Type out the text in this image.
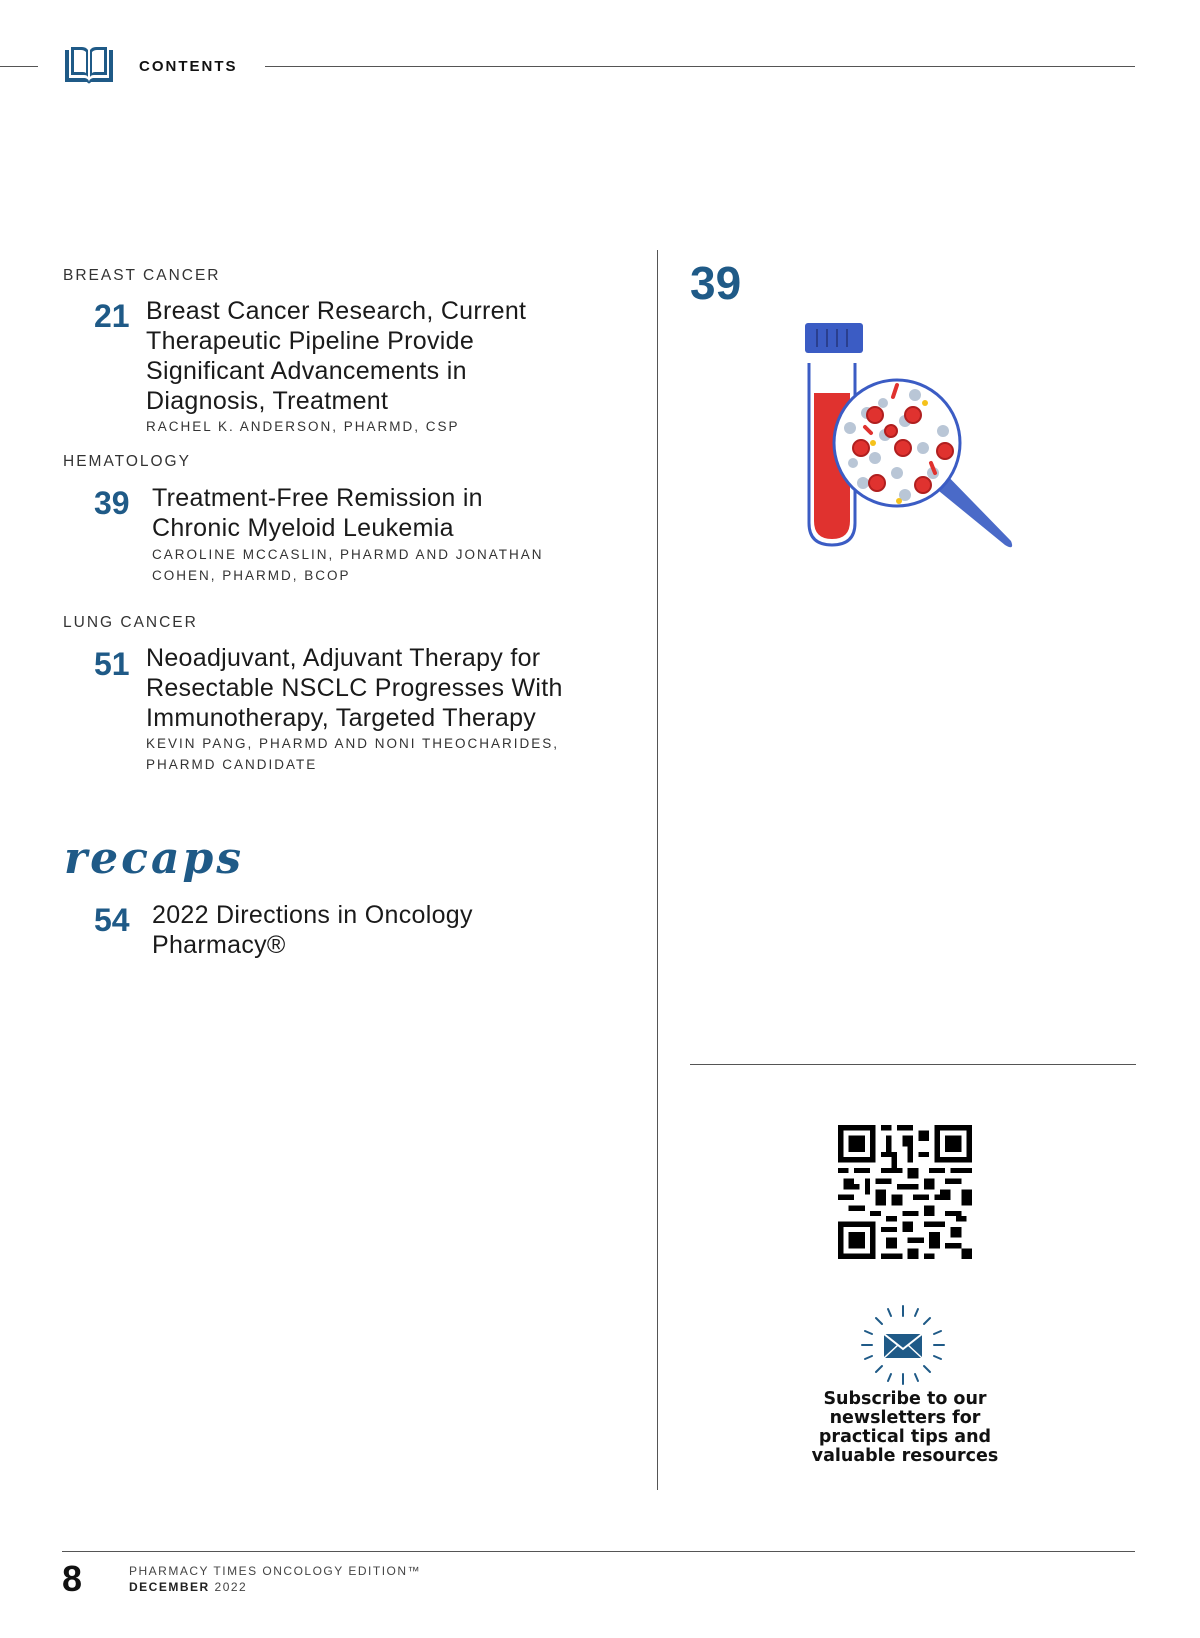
CONTENTS
BREAST CANCER
21 Breast Cancer Research, Current
Therapeutic Pipeline Provide
Significant Advancements in
Diagnosis, Treatment
RACHEL K. ANDERSON, PHARMD, CSP
HEMATOLOGY
39 Treatment-Free Remission in
Chronic Myeloid Leukemia
CAROLINE MCCASLIN, PHARMD AND JONATHAN
COHEN, PHARMD, BCOP
LUNG CANCER
51 Neoadjuvant, Adjuvant Therapy for
Resectable NSCLC Progresses With
Immunotherapy, Targeted Therapy
KEVIN PANG, PHARMD AND NONI THEOCHARIDES,
PHARMD CANDIDATE
recaps
54 2022 Directions in Oncology
Pharmacy®
39
Subscribe to our newsletters for practical tips and valuable resources
8	PHARMACY TIMES ONCOLOGY EDITION™
DECEMBER 2022
